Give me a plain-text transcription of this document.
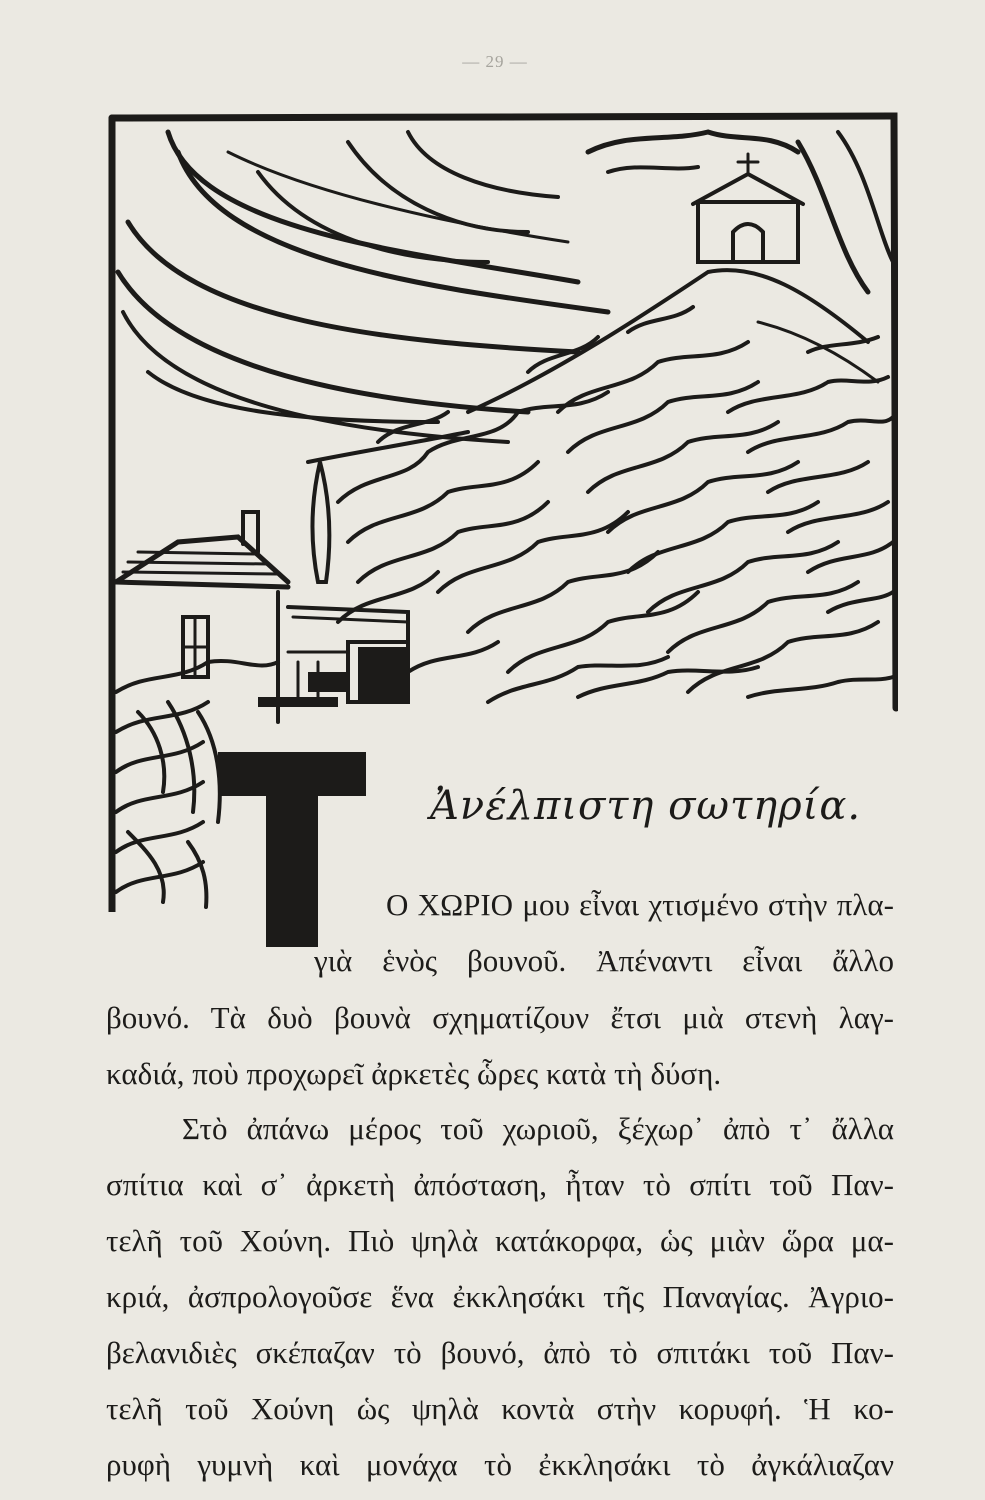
— 29 —
Ἀνέλπιστη σωτηρία.
Ο ΧΩΡΙΟ μου εἶναι χτισμένο στὴν πλα-
γιὰ ἑνὸς βουνοῦ. Ἀπέναντι εἶναι ἄλλο
βουνό. Τὰ δυὸ βουνὰ σχηματίζουν ἔτσι μιὰ στενὴ λαγ-
καδιά, ποὺ προχωρεῖ ἀρκετὲς ὧρες κατὰ τὴ δύση.
Στὸ ἀπάνω μέρος τοῦ χωριοῦ, ξέχωρ᾽ ἀπὸ τ᾽ ἄλλα
σπίτια καὶ σ᾽ ἀρκετὴ ἀπόσταση, ἦταν τὸ σπίτι τοῦ Παν-
τελῆ τοῦ Χούνη. Πιὸ ψηλὰ κατάκορφα, ὡς μιὰν ὥρα μα-
κριά, ἀσπρολογοῦσε ἕνα ἐκκλησάκι τῆς Παναγίας. Ἀγριο-
βελανιδιὲς σκέπαζαν τὸ βουνό, ἀπὸ τὸ σπιτάκι τοῦ Παν-
τελῆ τοῦ Χούνη ὡς ψηλὰ κοντὰ στὴν κορυφή. Ἡ κο-
ρυφὴ γυμνὴ καὶ μονάχα τὸ ἐκκλησάκι τὸ ἀγκάλιαζαν
